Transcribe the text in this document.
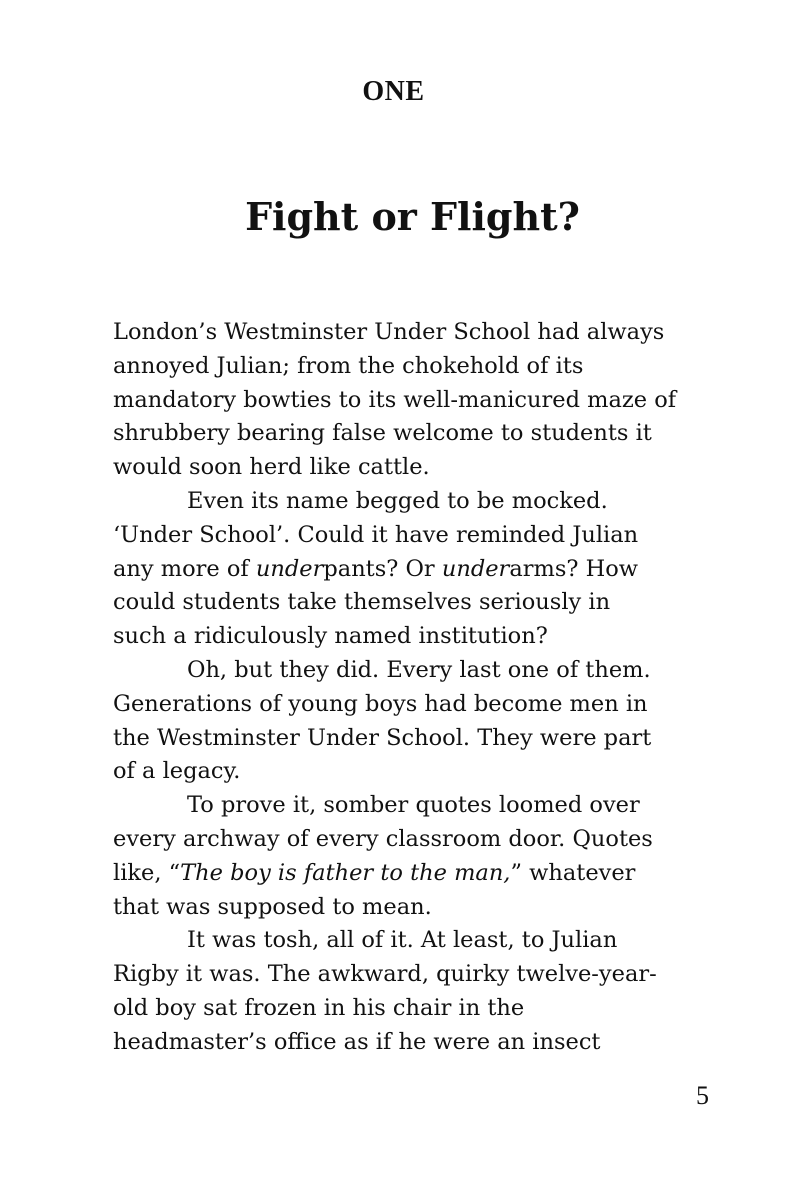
ONE
Fight or Flight?
London’s Westminster Under School had always
annoyed Julian; from the chokehold of its
mandatory bowties to its well-manicured maze of
shrubbery bearing false welcome to students it
would soon herd like cattle.
Even its name begged to be mocked.
‘Under School’. Could it have reminded Julian
any more of underpants? Or underarms? How
could students take themselves seriously in
such a ridiculously named institution?
Oh, but they did. Every last one of them.
Generations of young boys had become men in
the Westminster Under School. They were part
of a legacy.
To prove it, somber quotes loomed over
every archway of every classroom door. Quotes
like, “The boy is father to the man,” whatever
that was supposed to mean.
It was tosh, all of it. At least, to Julian
Rigby it was. The awkward, quirky twelve-year-
old boy sat frozen in his chair in the
headmaster’s office as if he were an insect
5
